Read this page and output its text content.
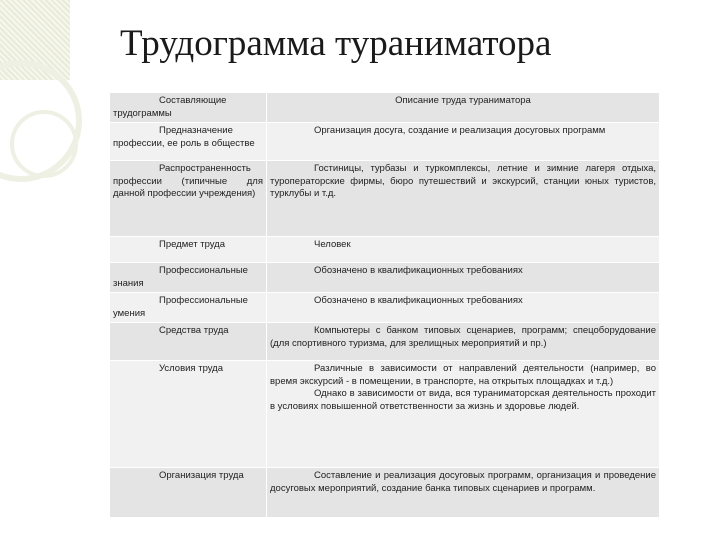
Трудограмма тураниматора
Составляющие трудограммы	Описание труда тураниматора
Предназначение профессии, ее роль в обществе	Организация досуга, создание и реализация досуговых программ
Распространенность профессии (типичные для данной профессии учреждения)	Гостиницы, турбазы и туркомплексы, летние и зимние лагеря отдыха, туроператорские фирмы, бюро путешествий и экскурсий, станции юных туристов, турклубы и т.д.
Предмет труда	Человек
Профессиональные знания	Обозначено в квалификационных требованиях
Профессиональные умения	Обозначено в квалификационных требованиях
Средства труда	Компьютеры с банком типовых сценариев, программ; спецоборудование (для спортивного туризма, для зрелищных мероприятий и пр.)
Условия труда	Различные в зависимости от направлений деятельности (например, во время экскурсий - в помещении, в транспорте, на открытых площадках и т.д.)
Однако в зависимости от вида, вся тураниматорская деятельность проходит в условиях повышенной ответственности за жизнь и здоровье людей.

Организация труда	Составление и реализация досуговых программ, организация и проведение досуговых мероприятий, создание банка типовых сценариев и программ.
